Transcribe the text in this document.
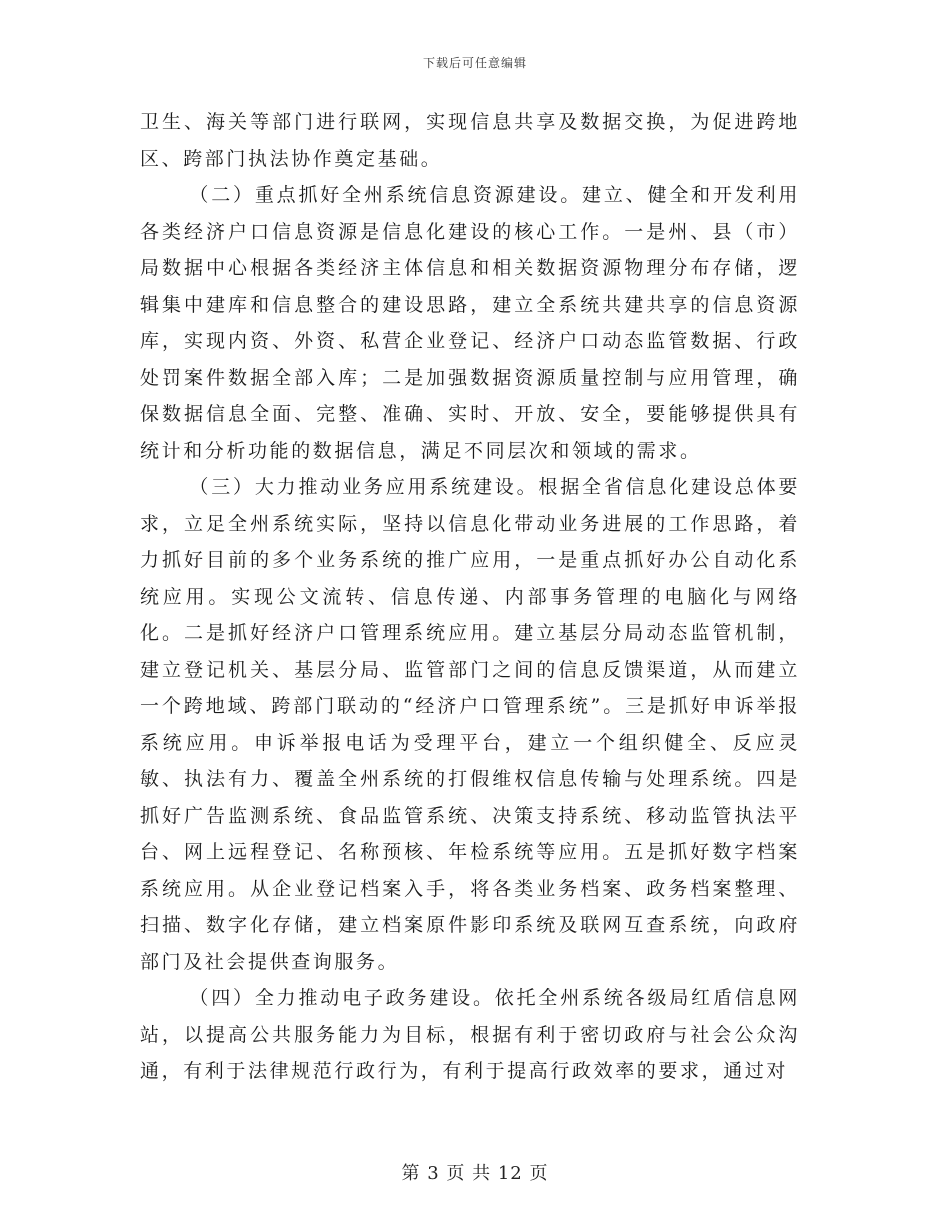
下载后可任意编辑

卫生、海关等部门进行联网，实现信息共享及数据交换，为促进跨地区、跨部门执法协作奠定基础。

（二）重点抓好全州系统信息资源建设。建立、健全和开发利用各类经济户口信息资源是信息化建设的核心工作。一是州、县（市）局数据中心根据各类经济主体信息和相关数据资源物理分布存储，逻辑集中建库和信息整合的建设思路，建立全系统共建共享的信息资源库，实现内资、外资、私营企业登记、经济户口动态监管数据、行政处罚案件数据全部入库；二是加强数据资源质量控制与应用管理，确保数据信息全面、完整、准确、实时、开放、安全，要能够提供具有统计和分析功能的数据信息，满足不同层次和领域的需求。

（三）大力推动业务应用系统建设。根据全省信息化建设总体要求，立足全州系统实际，坚持以信息化带动业务进展的工作思路，着力抓好目前的多个业务系统的推广应用，一是重点抓好办公自动化系统应用。实现公文流转、信息传递、内部事务管理的电脑化与网络化。二是抓好经济户口管理系统应用。建立基层分局动态监管机制，建立登记机关、基层分局、监管部门之间的信息反馈渠道，从而建立一个跨地域、跨部门联动的“经济户口管理系统”。三是抓好申诉举报系统应用。申诉举报电话为受理平台，建立一个组织健全、反应灵敏、执法有力、覆盖全州系统的打假维权信息传输与处理系统。四是抓好广告监测系统、食品监管系统、决策支持系统、移动监管执法平台、网上远程登记、名称预核、年检系统等应用。五是抓好数字档案系统应用。从企业登记档案入手，将各类业务档案、政务档案整理、扫描、数字化存储，建立档案原件影印系统及联网互查系统，向政府部门及社会提供查询服务。

（四）全力推动电子政务建设。依托全州系统各级局红盾信息网站，以提高公共服务能力为目标，根据有利于密切政府与社会公众沟通，有利于法律规范行政行为，有利于提高行政效率的要求，通过对

第 3 页 共 12 页
